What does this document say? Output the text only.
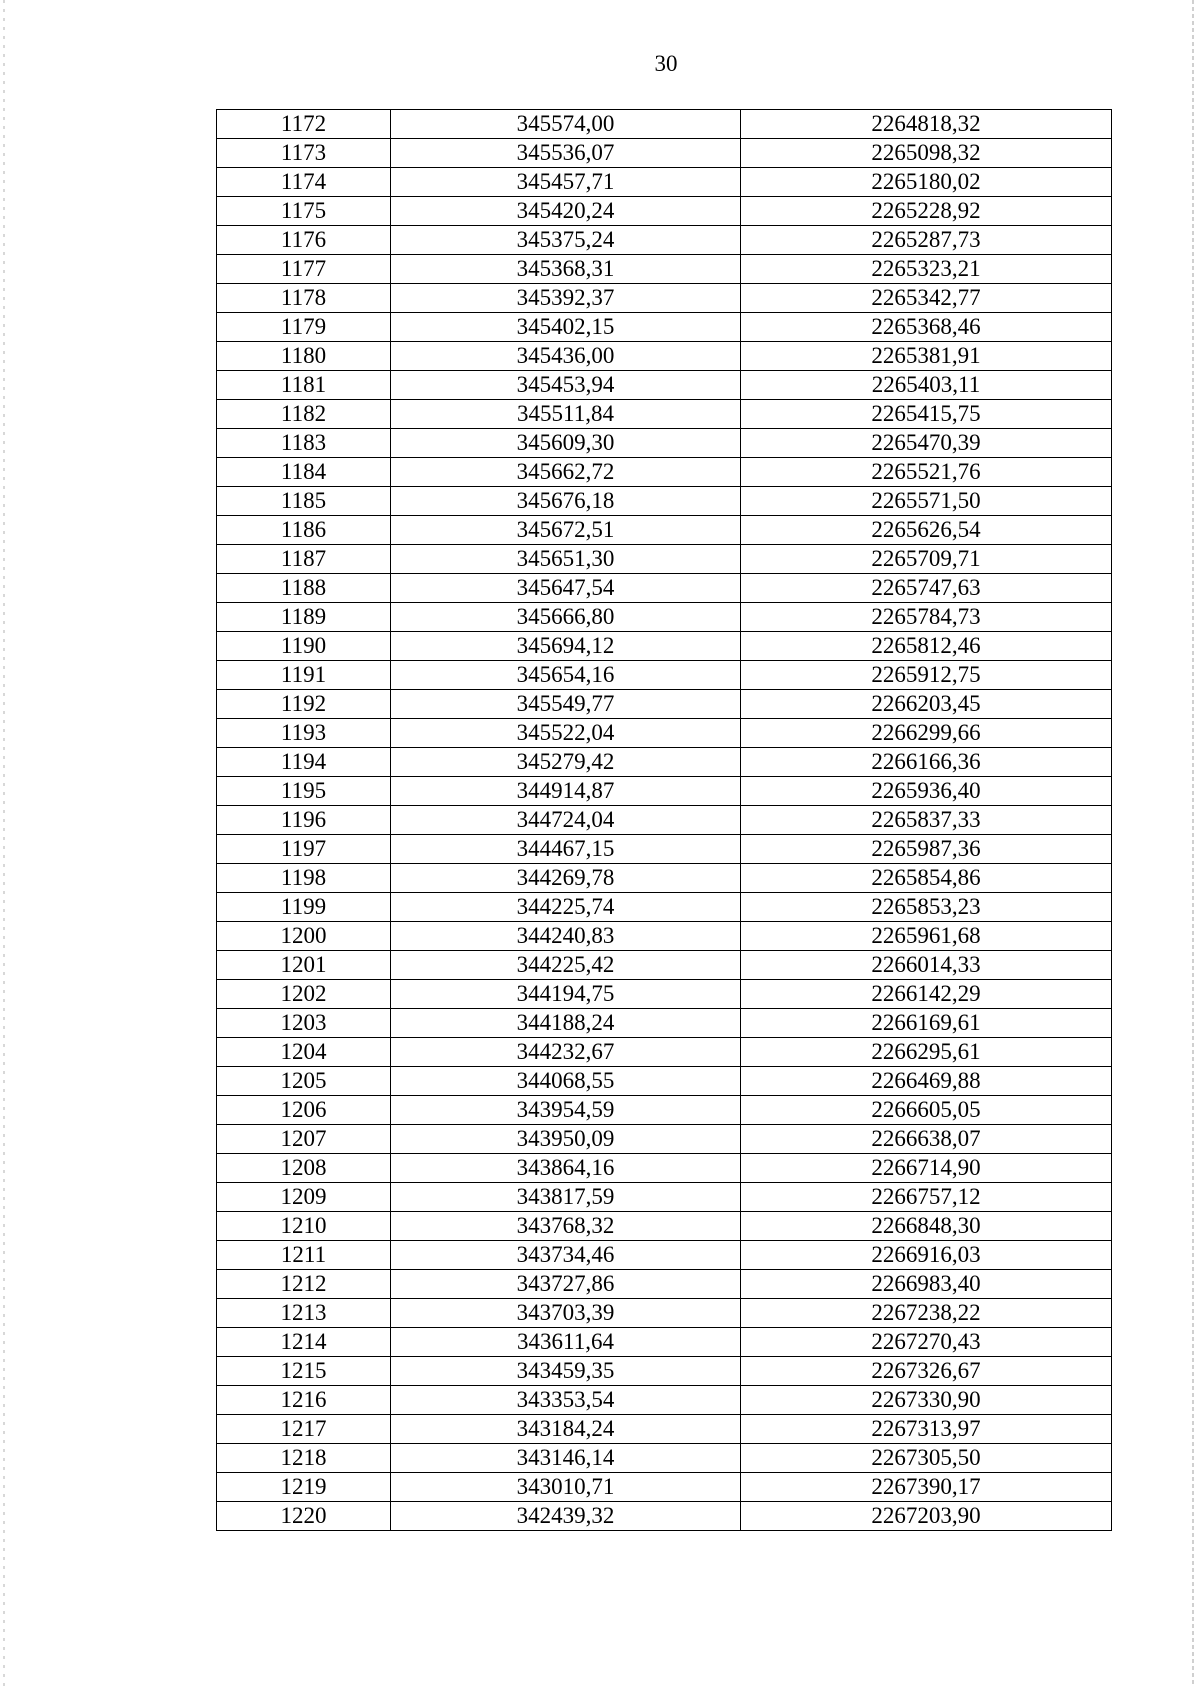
30
1172	345574,00	2264818,32
1173	345536,07	2265098,32
1174	345457,71	2265180,02
1175	345420,24	2265228,92
1176	345375,24	2265287,73
1177	345368,31	2265323,21
1178	345392,37	2265342,77
1179	345402,15	2265368,46
1180	345436,00	2265381,91
1181	345453,94	2265403,11
1182	345511,84	2265415,75
1183	345609,30	2265470,39
1184	345662,72	2265521,76
1185	345676,18	2265571,50
1186	345672,51	2265626,54
1187	345651,30	2265709,71
1188	345647,54	2265747,63
1189	345666,80	2265784,73
1190	345694,12	2265812,46
1191	345654,16	2265912,75
1192	345549,77	2266203,45
1193	345522,04	2266299,66
1194	345279,42	2266166,36
1195	344914,87	2265936,40
1196	344724,04	2265837,33
1197	344467,15	2265987,36
1198	344269,78	2265854,86
1199	344225,74	2265853,23
1200	344240,83	2265961,68
1201	344225,42	2266014,33
1202	344194,75	2266142,29
1203	344188,24	2266169,61
1204	344232,67	2266295,61
1205	344068,55	2266469,88
1206	343954,59	2266605,05
1207	343950,09	2266638,07
1208	343864,16	2266714,90
1209	343817,59	2266757,12
1210	343768,32	2266848,30
1211	343734,46	2266916,03
1212	343727,86	2266983,40
1213	343703,39	2267238,22
1214	343611,64	2267270,43
1215	343459,35	2267326,67
1216	343353,54	2267330,90
1217	343184,24	2267313,97
1218	343146,14	2267305,50
1219	343010,71	2267390,17
1220	342439,32	2267203,90
